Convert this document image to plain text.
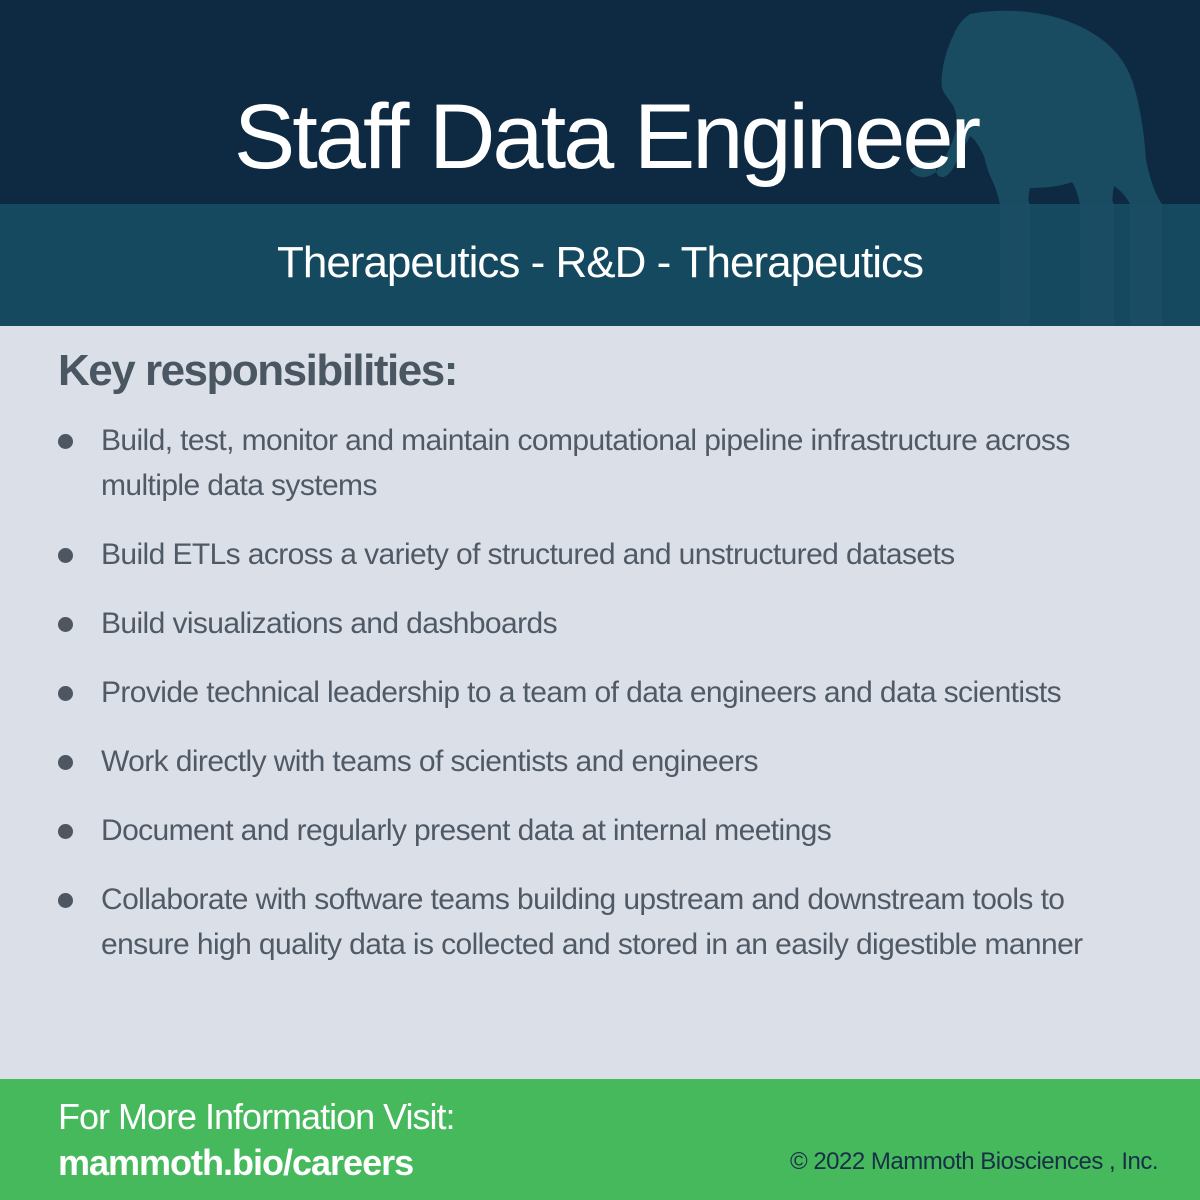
Staff Data Engineer
Therapeutics - R&D - Therapeutics
Key responsibilities:
Build, test, monitor and maintain computational pipeline infrastructure across multiple data systems
Build ETLs across a variety of structured and unstructured datasets
Build visualizations and dashboards
Provide technical leadership to a team of data engineers and data scientists
Work directly with teams of scientists and engineers
Document and regularly present data at internal meetings
Collaborate with software teams building upstream and downstream tools to ensure high quality data is collected and stored in an easily digestible manner
For More Information Visit:
mammoth.bio/careers	© 2022 Mammoth Biosciences , Inc.
